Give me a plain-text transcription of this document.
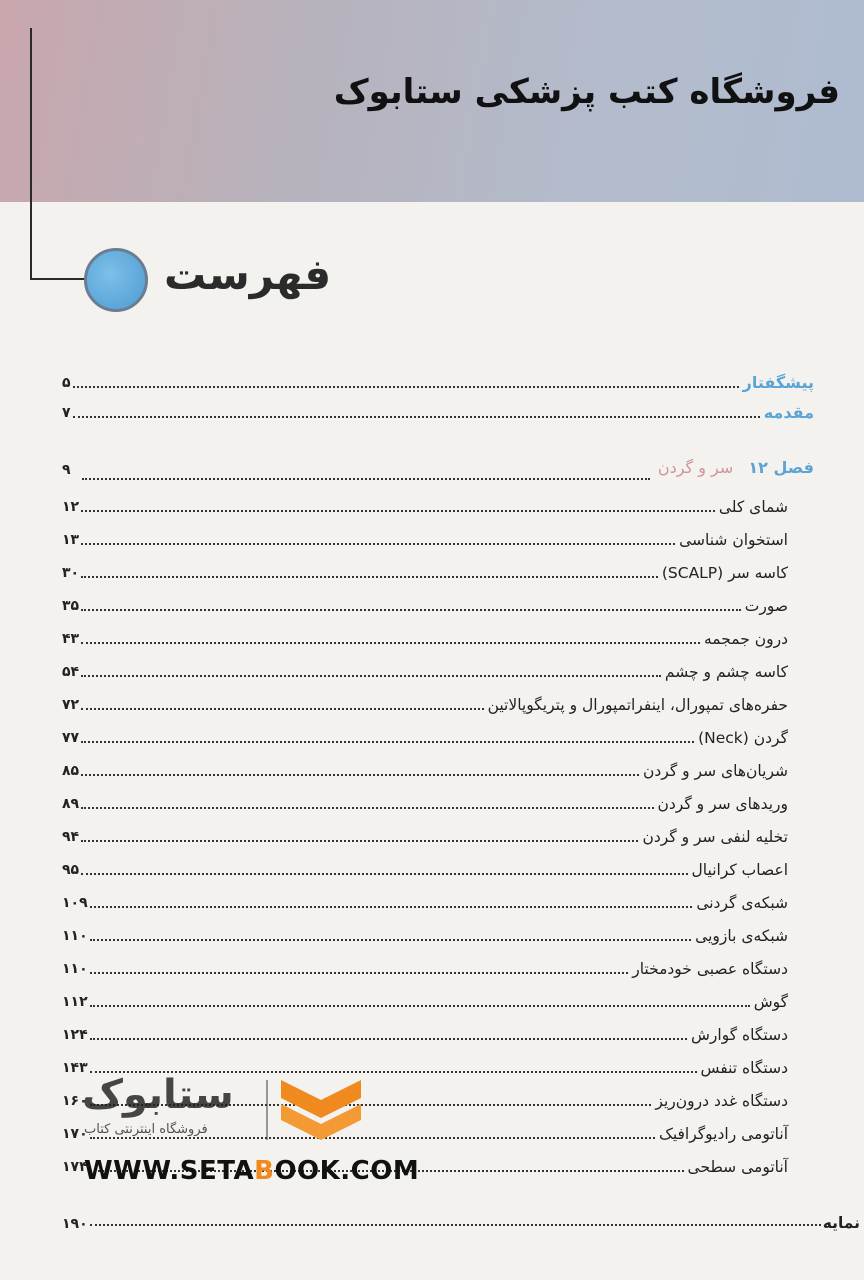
فروشگاه کتب پزشکی ستابوک
فهرست
پیشگفتار
۵
مقدمه
۷
فصل ۱۲ سر و گردن
۹
شمای کلی
۱۲
استخوان شناسی
۱۳
کاسه سر (SCALP)
۳۰
صورت
۳۵
درون جمجمه
۴۳
کاسه چشم و چشم
۵۴
حفره‌های تمپورال، اینفراتمپورال و پتریگوپالاتین
۷۲
گردن (Neck)
۷۷
شریان‌های سر و گردن
۸۵
وریدهای سر و گردن
۸۹
تخلیه لنفی سر و گردن
۹۴
اعصاب کرانیال
۹۵
شبکه‌ی گردنی
۱۰۹
شبکه‌ی بازویی
۱۱۰
دستگاه عصبی خودمختار
۱۱۰
گوش
۱۱۲
دستگاه گوارش
۱۲۴
دستگاه تنفس
۱۴۳
دستگاه غدد درون‌ریز
۱۶۰
آناتومی رادیوگرافیک
۱۷۰
آناتومی سطحی
۱۷۴
نمایه
۱۹۰
ستابوک
فروشگاه اینترنتی کتاب
WWW.SETABOOK.COM
